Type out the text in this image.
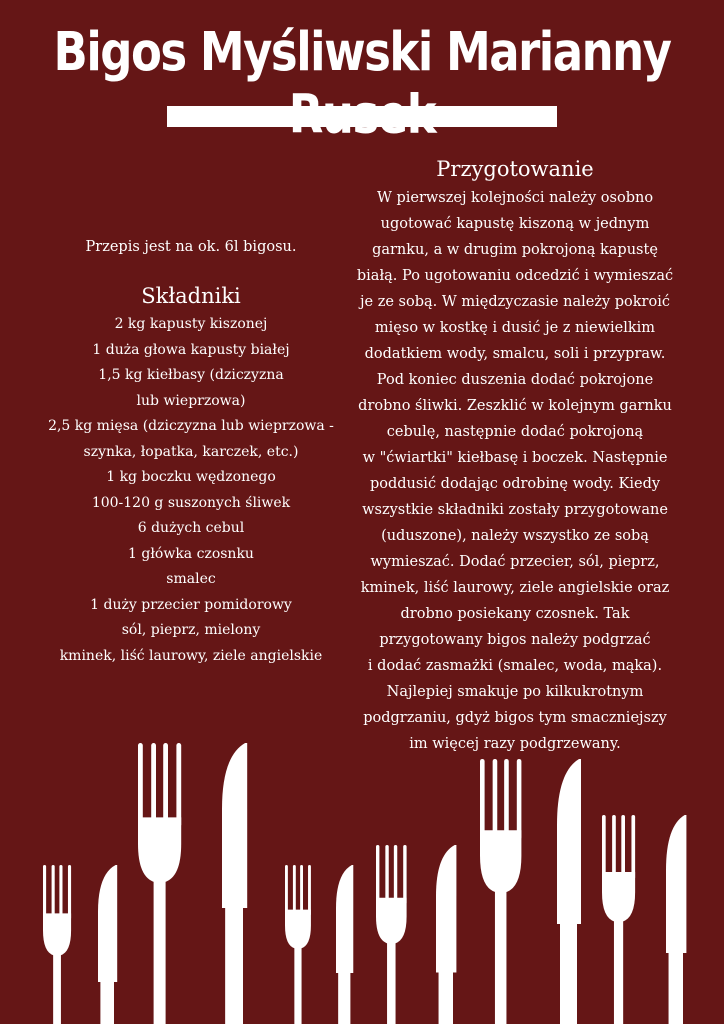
Bigos Myśliwski Marianny

Przepis jest na ok. 6l bigosu.

Składniki
2 kg kapusty kiszonej
1 duża głowa kapusty białej
1,5 kg kiełbasy (dziczyzna
lub wieprzowa)
2,5 kg mięsa (dziczyzna lub wieprzowa -
szynka, łopatka, karczek, etc.)
1 kg boczku wędzonego
100-120 g suszonych śliwek
6 dużych cebul
1 główka czosnku
smalec
1 duży przecier pomidorowy
sól, pieprz, mielony
kminek, liść laurowy, ziele angielskie
Przygotowanie

W pierwszej kolejności należy osobno
ugotować kapustę kiszoną w jednym
garnku, a w drugim pokrojoną kapustę
białą. Po ugotowaniu odcedzić i wymieszać
je ze sobą. W międzyczasie należy pokroić
mięso w kostkę i dusić je z niewielkim
dodatkiem wody, smalcu, soli i przypraw.
Pod koniec duszenia dodać pokrojone
drobno śliwki. Zeszklić w kolejnym garnku
cebulę, następnie dodać pokrojoną
w "ćwiartki" kiełbasę i boczek. Następnie
poddusić dodając odrobinę wody. Kiedy
wszystkie składniki zostały przygotowane
(uduszone), należy wszystko ze sobą
wymieszać. Dodać przecier, sól, pieprz,
kminek, liść laurowy, ziele angielskie oraz
drobno posiekany czosnek. Tak
przygotowany bigos należy podgrzać
i dodać zasmażki (smalec, woda, mąka).
Najlepiej smakuje po kilkukrotnym
podgrzaniu, gdyż bigos tym smaczniejszy
im więcej razy podgrzewany.
